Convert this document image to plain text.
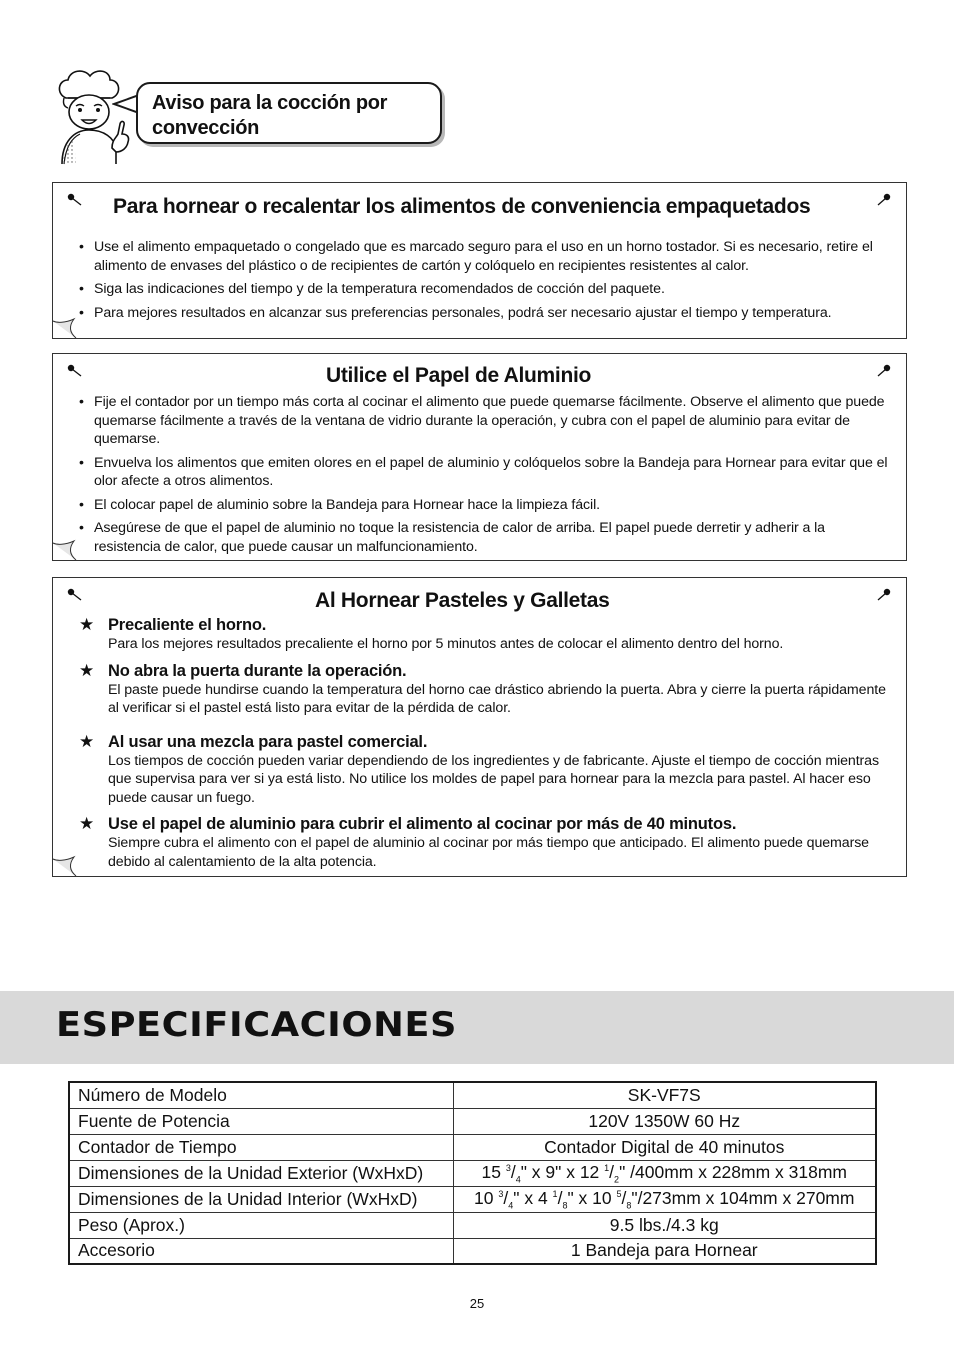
Aviso para la cocción por convección
Para hornear o recalentar los alimentos de conveniencia empaquetados
• Use el alimento empaquetado o congelado que es marcado seguro para el uso en un horno tostador. Si es necesario, retire el alimento de envases del plástico o de recipientes de cartón y colóquelo en recipientes resistentes al calor.
• Siga las indicaciones del tiempo y de la temperatura recomendados de cocción del paquete.
• Para mejores resultados en alcanzar sus preferencias personales, podrá ser necesario ajustar el tiempo y temperatura.
Utilice el Papel de Aluminio
• Fije el contador por un tiempo más corta al cocinar el alimento que puede quemarse fácilmente. Observe el alimento que puede quemarse fácilmente a través de la ventana de vidrio durante la operación, y cubra con el papel de aluminio para evitar de quemarse.
• Envuelva los alimentos que emiten olores en el papel de aluminio y colóquelos sobre la Bandeja para Hornear para evitar que el olor afecte a otros alimentos.
• El colocar papel de aluminio sobre la Bandeja para Hornear hace la limpieza fácil.
• Asegúrese de que el papel de aluminio no toque la resistencia de calor de arriba. El papel puede derretir y adherir a la resistencia de calor, que puede causar un malfuncionamiento.
Al Hornear Pasteles y Galletas
★ Precaliente el horno.
Para los mejores resultados precaliente el horno por 5 minutos antes de colocar el alimento dentro del horno.
★ No abra la puerta durante la operación.
El paste puede hundirse cuando la temperatura del horno cae drástico abriendo la puerta. Abra y cierre la puerta rápidamente al verificar si el pastel está listo para evitar de la pérdida de calor.
★ Al usar una mezcla para pastel comercial.
Los tiempos de cocción pueden variar dependiendo de los ingredientes y de fabricante. Ajuste el tiempo de cocción mientras que supervisa para ver si ya está listo. No utilice los moldes de papel para hornear para la mezcla para pastel. Al hacer eso puede causar un fuego.
★ Use el papel de aluminio para cubrir el alimento al cocinar por más de 40 minutos.
Siempre cubra el alimento con el papel de aluminio al cocinar por más tiempo que anticipado. El alimento puede quemarse debido al calentamiento de la alta potencia.
ESPECIFICACIONES
Número de Modelo	SK-VF7S
Fuente de Potencia	120V 1350W 60 Hz
Contador de Tiempo	Contador Digital de 40 minutos
Dimensiones de la Unidad Exterior (WxHxD)	15 $^3/_4$" x 9" x 12 $^1/_2$" /400mm x 228mm x 318mm
Dimensiones de la Unidad Interior (WxHxD)	10 $^3/_4$" x 4 $^1/_8$" x 10 $^5/_8"/273mm$ x 104mm x 270mm
Peso (Aprox.)	9.5 lbs./4.3 kg
Accesorio	1 Bandeja para Hornear
25
